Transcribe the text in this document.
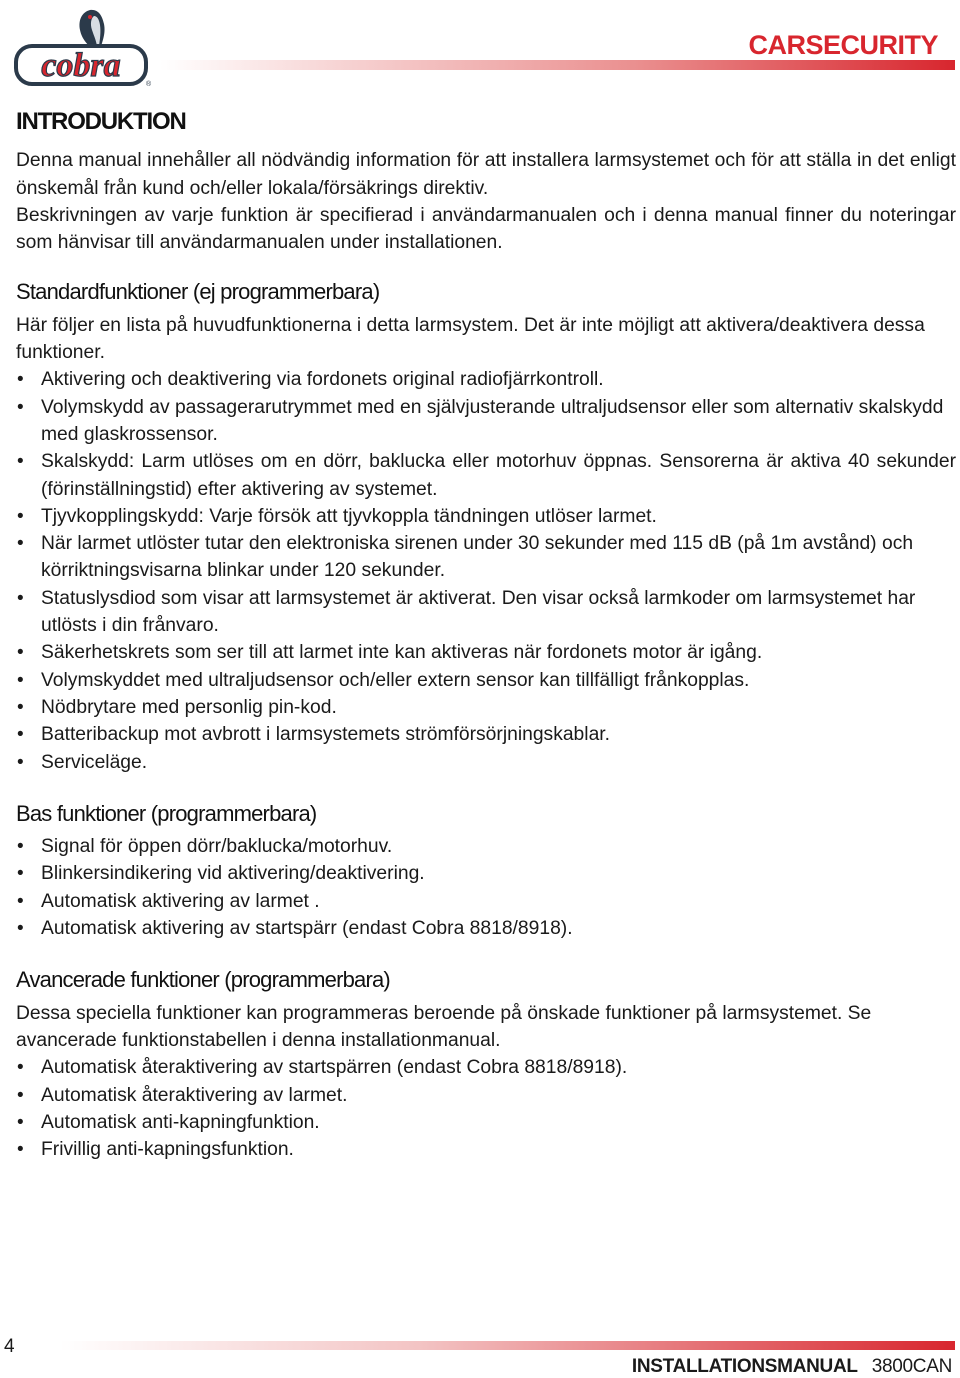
cobra
®
CARSECURITY
INTRODUKTION

Denna manual innehåller all nödvändig information för att installera larmsystemet och för att ställa in det enligt önskemål från kund och/eller lokala/försäkrings direktiv.

Beskrivningen av varje funktion är specifierad i användarmanualen och i denna manual finner du noteringar som hänvisar till användarmanualen under installationen.

Standardfunktioner (ej programmerbara)

Här följer en lista på huvudfunktionerna i detta larmsystem. Det är inte möjligt att aktivera/deaktivera dessa funktioner.

• Aktivering och deaktivering via fordonets original radiofjärrkontroll.
• Volymskydd av passagerarutrymmet med en självjusterande ultraljudsensor eller som alternativ skalskydd med glaskrossensor.
• Skalskydd: Larm utlöses om en dörr, baklucka eller motorhuv öppnas. Sensorerna är aktiva 40 sekunder (förinställningstid) efter aktivering av systemet.
• Tjyvkopplingskydd: Varje försök att tjyvkoppla tändningen utlöser larmet.
• När larmet utlöster tutar den elektroniska sirenen under 30 sekunder med 115 dB (på 1m avstånd) och körriktningsvisarna blinkar under 120 sekunder.
• Statuslysdiod som visar att larmsystemet är aktiverat. Den visar också larmkoder om larmsystemet har utlösts i din frånvaro.
• Säkerhetskrets som ser till att larmet inte kan aktiveras när fordonets motor är igång.
• Volymskyddet med ultraljudsensor och/eller extern sensor kan tillfälligt frånkopplas.
• Nödbrytare med personlig pin-kod.
• Batteribackup mot avbrott i larmsystemets strömförsörjningskablar.
• Serviceläge.
Bas funktioner (programmerbara)
• Signal för öppen dörr/baklucka/motorhuv.
• Blinkersindikering vid aktivering/deaktivering.
• Automatisk aktivering av larmet .
• Automatisk aktivering av startspärr (endast Cobra 8818/8918).
Avancerade funktioner (programmerbara)

Dessa speciella funktioner kan programmeras beroende på önskade funktioner på larmsystemet. Se avancerade funktionstabellen i denna installationmanual.

• Automatisk återaktivering av startspärren (endast Cobra 8818/8918).
• Automatisk återaktivering av larmet.
• Automatisk anti-kapningfunktion.
• Frivillig anti-kapningsfunktion.
4
INSTALLATIONSMANUAL 3800CAN
